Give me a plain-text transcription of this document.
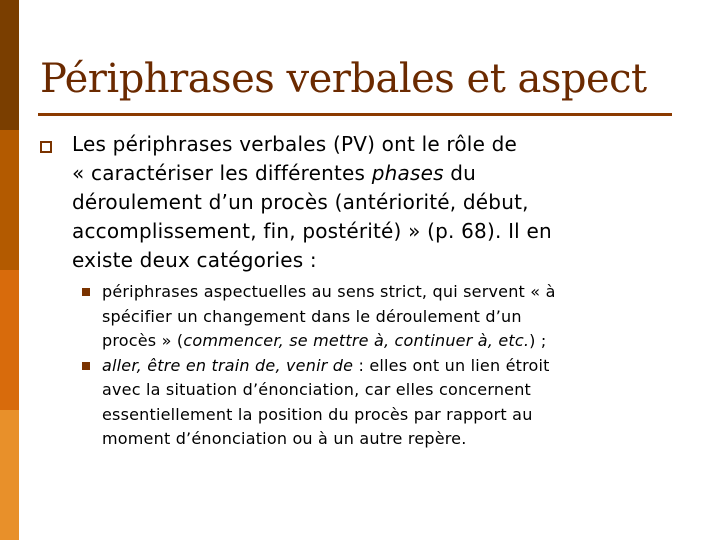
Périphrases verbales et aspect
Les périphrases verbales (PV) ont le rôle de
« caractériser les différentes phases du
déroulement d’un procès (antériorité, début,
accomplissement, fin, postérité) » (p. 68). Il en
existe deux catégories :
périphrases aspectuelles au sens strict, qui servent « à
spécifier un changement dans le déroulement d’un
procès » (commencer, se mettre à, continuer à, etc.) ;
aller, être en train de, venir de : elles ont un lien étroit
avec la situation d’énonciation, car elles concernent
essentiellement la position du procès par rapport au
moment d’énonciation ou à un autre repère.
